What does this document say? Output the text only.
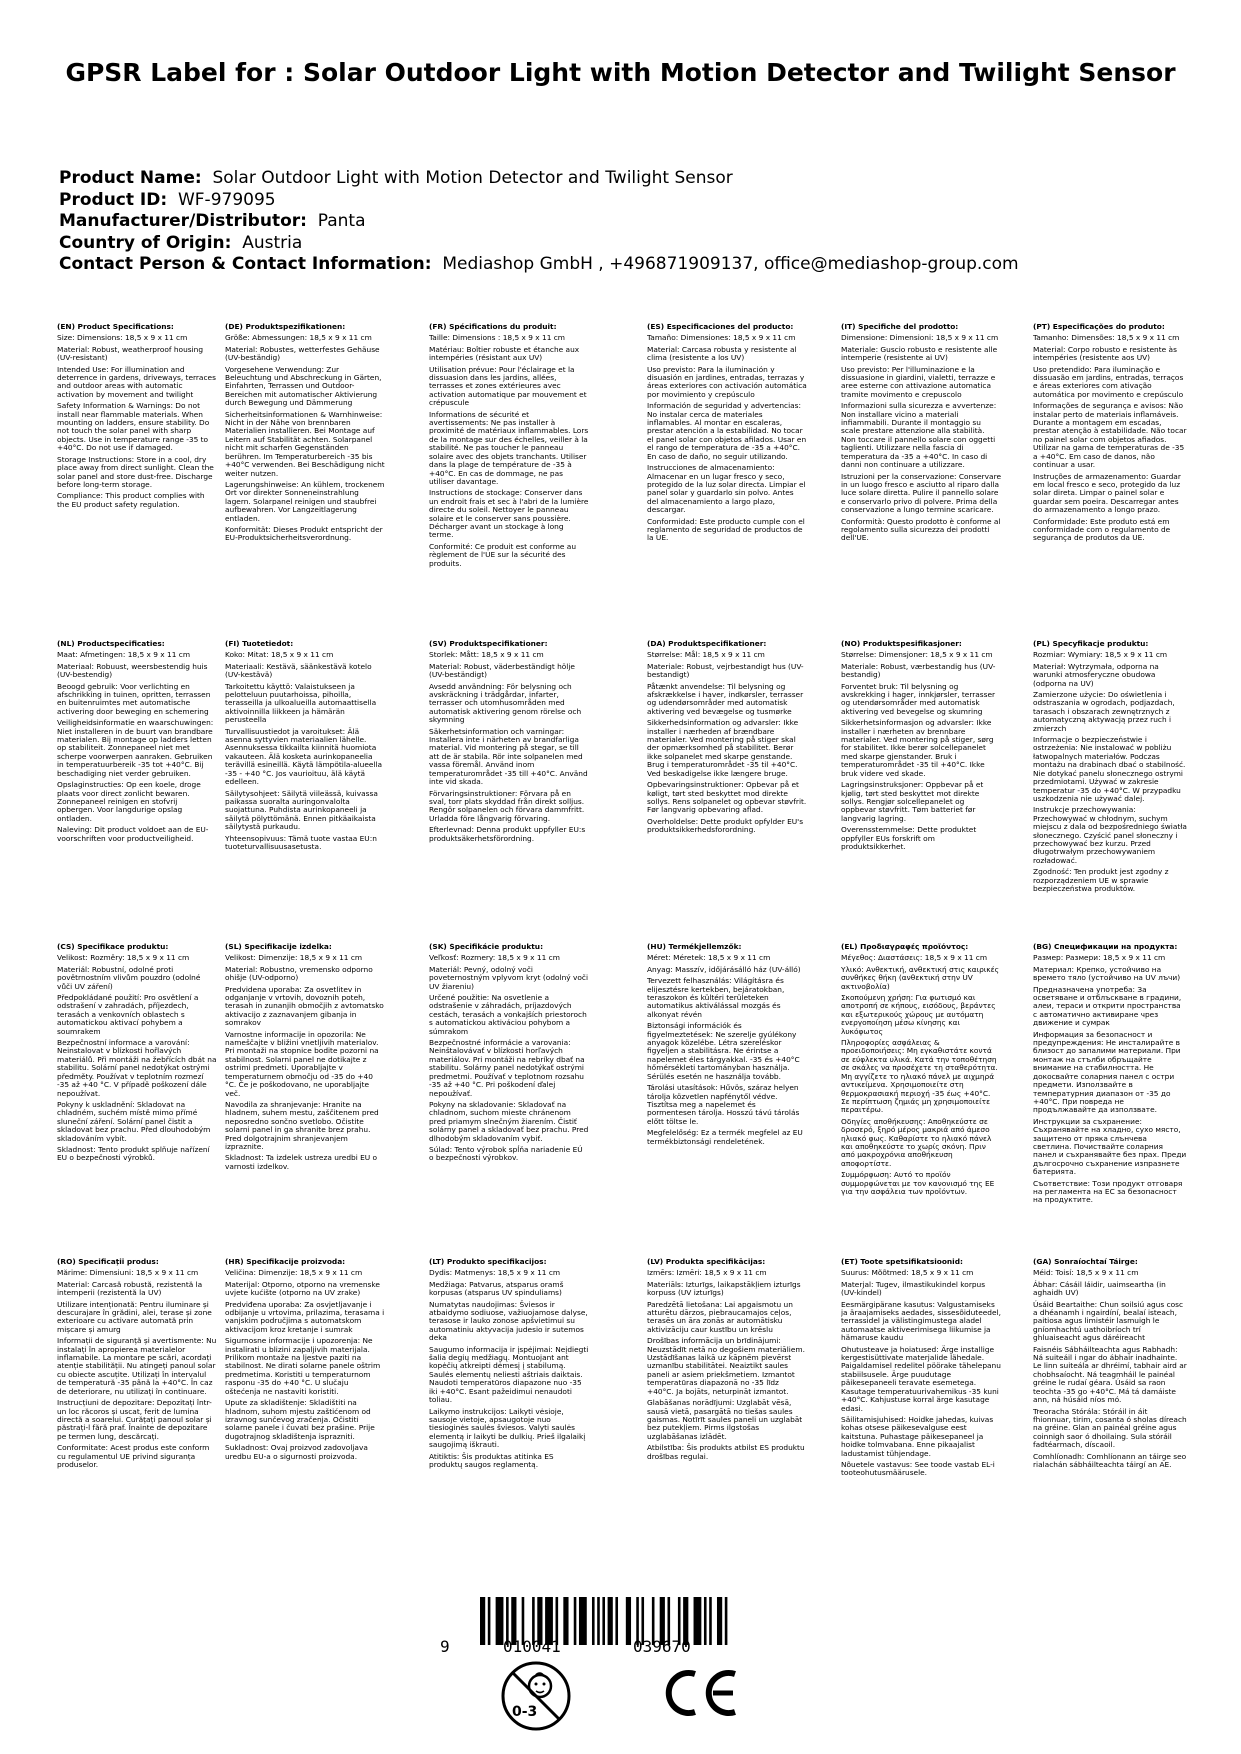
GPSR Label for : Solar Outdoor Light with Motion Detector and Twilight Sensor
Product Name: Solar Outdoor Light with Motion Detector and Twilight Sensor
Product ID: WF-979095
Manufacturer/Distributor: Panta
Country of Origin: Austria
Contact Person & Contact Information: Mediashop GmbH , +496871909137, office@mediashop-group.com

(EN) Product Specifications:

Size: Dimensions: 18,5 x 9 x 11 cm

Material: Robust, weatherproof housing (UV-resistant)

Intended Use: For illumination and deterrence in gardens, driveways, terraces and outdoor areas with automatic activation by movement and twilight

Safety Information & Warnings: Do not install near flammable materials. When mounting on ladders, ensure stability. Do not touch the solar panel with sharp objects. Use in temperature range -35 to +40°C. Do not use if damaged.

Storage Instructions: Store in a cool, dry place away from direct sunlight. Clean the solar panel and store dust-free. Discharge before long-term storage.

Compliance: This product complies with the EU product safety regulation.

(DE) Produktspezifikationen:

Größe: Abmessungen: 18,5 x 9 x 11 cm

Material: Robustes, wetterfestes Gehäuse (UV-beständig)

Vorgesehene Verwendung: Zur Beleuchtung und Abschreckung in Gärten, Einfahrten, Terrassen und Outdoor-Bereichen mit automatischer Aktivierung durch Bewegung und Dämmerung

Sicherheitsinformationen & Warnhinweise: Nicht in der Nähe von brennbaren Materialien installieren. Bei Montage auf Leitern auf Stabilität achten. Solarpanel nicht mit scharfen Gegenständen berühren. Im Temperaturbereich -35 bis +40°C verwenden. Bei Beschädigung nicht weiter nutzen.

Lagerungshinweise: An kühlem, trockenem Ort vor direkter Sonneneinstrahlung lagern. Solarpanel reinigen und staubfrei aufbewahren. Vor Langzeitlagerung entladen.

Konformität: Dieses Produkt entspricht der EU-Produktsicherheitsverordnung.

(FR) Spécifications du produit:

Taille: Dimensions : 18,5 x 9 x 11 cm

Matériau: Boîtier robuste et étanche aux intempéries (résistant aux UV)

Utilisation prévue: Pour l'éclairage et la dissuasion dans les jardins, allées, terrasses et zones extérieures avec activation automatique par mouvement et crépuscule

Informations de sécurité et avertissements: Ne pas installer à proximité de matériaux inflammables. Lors de la montage sur des échelles, veiller à la stabilité. Ne pas toucher le panneau solaire avec des objets tranchants. Utiliser dans la plage de température de -35 à +40°C. En cas de dommage, ne pas utiliser davantage.

Instructions de stockage: Conserver dans un endroit frais et sec à l'abri de la lumière directe du soleil. Nettoyer le panneau solaire et le conserver sans poussière. Décharger avant un stockage à long terme.

Conformité: Ce produit est conforme au règlement de l'UE sur la sécurité des produits.

(ES) Especificaciones del producto:

Tamaño: Dimensiones: 18,5 x 9 x 11 cm

Material: Carcasa robusta y resistente al clima (resistente a los UV)

Uso previsto: Para la iluminación y disuasión en jardines, entradas, terrazas y áreas exteriores con activación automática por movimiento y crepúsculo

Información de seguridad y advertencias: No instalar cerca de materiales inflamables. Al montar en escaleras, prestar atención a la estabilidad. No tocar el panel solar con objetos afilados. Usar en el rango de temperatura de -35 a +40°C. En caso de daño, no seguir utilizando.

Instrucciones de almacenamiento: Almacenar en un lugar fresco y seco, protegido de la luz solar directa. Limpiar el panel solar y guardarlo sin polvo. Antes del almacenamiento a largo plazo, descargar.

Conformidad: Este producto cumple con el reglamento de seguridad de productos de la UE.

(IT) Specifiche del prodotto:

Dimensione: Dimensioni: 18,5 x 9 x 11 cm

Materiale: Guscio robusto e resistente alle intemperie (resistente ai UV)

Uso previsto: Per l'illuminazione e la dissuasione in giardini, vialetti, terrazze e aree esterne con attivazione automatica tramite movimento e crepuscolo

Informazioni sulla sicurezza e avvertenze: Non installare vicino a materiali infiammabili. Durante il montaggio su scale prestare attenzione alla stabilità. Non toccare il pannello solare con oggetti taglienti. Utilizzare nella fascia di temperatura da -35 a +40°C. In caso di danni non continuare a utilizzare.

Istruzioni per la conservazione: Conservare in un luogo fresco e asciutto al riparo dalla luce solare diretta. Pulire il pannello solare e conservarlo privo di polvere. Prima della conservazione a lungo termine scaricare.

Conformità: Questo prodotto è conforme al regolamento sulla sicurezza dei prodotti dell'UE.

(PT) Especificações do produto:

Tamanho: Dimensões: 18,5 x 9 x 11 cm

Material: Corpo robusto e resistente às intempéries (resistente aos UV)

Uso pretendido: Para iluminação e dissuasão em jardins, entradas, terraços e áreas exteriores com ativação automática por movimento e crepúsculo

Informações de segurança e avisos: Não instalar perto de materiais inflamáveis. Durante a montagem em escadas, prestar atenção à estabilidade. Não tocar no painel solar com objetos afiados. Utilizar na gama de temperaturas de -35 a +40°C. Em caso de danos, não continuar a usar.

Instruções de armazenamento: Guardar em local fresco e seco, protegido da luz solar direta. Limpar o painel solar e guardar sem poeira. Descarregar antes do armazenamento a longo prazo.

Conformidade: Este produto está em conformidade com o regulamento de segurança de produtos da UE.

(NL) Productspecificaties:

Maat: Afmetingen: 18,5 x 9 x 11 cm

Materiaal: Robuust, weersbestendig huis (UV-bestendig)

Beoogd gebruik: Voor verlichting en afschrikking in tuinen, opritten, terrassen en buitenruimtes met automatische activering door beweging en schemering

Veiligheidsinformatie en waarschuwingen: Niet installeren in de buurt van brandbare materialen. Bij montage op ladders letten op stabiliteit. Zonnepaneel niet met scherpe voorwerpen aanraken. Gebruiken in temperatuurbereik -35 tot +40°C. Bij beschadiging niet verder gebruiken.

Opslaginstructies: Op een koele, droge plaats voor direct zonlicht bewaren. Zonnepaneel reinigen en stofvrij opbergen. Voor langdurige opslag ontladen.

Naleving: Dit product voldoet aan de EU-voorschriften voor productveiligheid.

(FI) Tuotetiedot:

Koko: Mitat: 18,5 x 9 x 11 cm

Materiaali: Kestävä, säänkestävä kotelo (UV-kestävä)

Tarkoitettu käyttö: Valaistukseen ja pelotteluun puutarhoissa, pihoilla, terasseilla ja ulkoalueilla automaattisella aktivoinnilla liikkeen ja hämärän perusteella

Turvallisuustiedot ja varoitukset: Älä asenna syttyvien materiaalien lähelle. Asennuksessa tikkailta kiinnitä huomiota vakauteen. Älä kosketa aurinkopaneelia terävillä esineillä. Käytä lämpötila-alueella -35 - +40 °C. Jos vaurioituu, älä käytä edelleen.

Säilytysohjeet: Säilytä viileässä, kuivassa paikassa suoralta auringonvalolta suojattuna. Puhdista aurinkopaneeli ja säilytä pölyttömänä. Ennen pitkäaikaista säilytystä purkaudu.

Yhteensopivuus: Tämä tuote vastaa EU:n tuoteturvallisuusasetusta.

(SV) Produktspecifikationer:

Storlek: Mått: 18,5 x 9 x 11 cm

Material: Robust, väderbeständigt hölje (UV-beständigt)

Avsedd användning: För belysning och avskräckning i trädgårdar, infarter, terrasser och utomhusområden med automatisk aktivering genom rörelse och skymning

Säkerhetsinformation och varningar: Installera inte i närheten av brandfarliga material. Vid montering på stegar, se till att de är stabila. Rör inte solpanelen med vassa föremål. Använd inom temperaturområdet -35 till +40°C. Använd inte vid skada.

Förvaringsinstruktioner: Förvara på en sval, torr plats skyddad från direkt solljus. Rengör solpanelen och förvara dammfritt. Urladda före långvarig förvaring.

Efterlevnad: Denna produkt uppfyller EU:s produktsäkerhetsförordning.

(DA) Produktspecifikationer:

Størrelse: Mål: 18,5 x 9 x 11 cm

Materiale: Robust, vejrbestandigt hus (UV-bestandigt)

Påtænkt anvendelse: Til belysning og afskrækkelse i haver, indkørsler, terrasser og udendørsområder med automatisk aktivering ved bevægelse og tusmørke

Sikkerhedsinformation og advarsler: Ikke installer i nærheden af brændbare materialer. Ved montering på stiger skal der opmærksomhed på stabilitet. Berør ikke solpanelet med skarpe genstande. Brug i temperaturområdet -35 til +40°C. Ved beskadigelse ikke længere bruge.

Opbevaringsinstruktioner: Opbevar på et køligt, tørt sted beskyttet mod direkte sollys. Rens solpanelet og opbevar støvfrit. Før langvarig opbevaring aflad.

Overholdelse: Dette produkt opfylder EU's produktsikkerhedsforordning.

(NO) Produktspesifikasjoner:

Størrelse: Dimensjoner: 18,5 x 9 x 11 cm

Materiale: Robust, værbestandig hus (UV-bestandig)

Forventet bruk: Til belysning og avskrekking i hager, innkjørsler, terrasser og utendørsområder med automatisk aktivering ved bevegelse og skumring

Sikkerhetsinformasjon og advarsler: Ikke installer i nærheten av brennbare materialer. Ved montering på stiger, sørg for stabilitet. Ikke berør solcellepanelet med skarpe gjenstander. Bruk i temperaturområdet -35 til +40°C. Ikke bruk videre ved skade.

Lagringsinstruksjoner: Oppbevar på et kjølig, tørt sted beskyttet mot direkte sollys. Rengjør solcellepanelet og oppbevar støvfritt. Tøm batteriet før langvarig lagring.

Overensstemmelse: Dette produktet oppfyller EUs forskrift om produktsikkerhet.

(PL) Specyfikacje produktu:

Rozmiar: Wymiary: 18,5 x 9 x 11 cm

Materiał: Wytrzymała, odporna na warunki atmosferyczne obudowa (odporna na UV)

Zamierzone użycie: Do oświetlenia i odstraszania w ogrodach, podjazdach, tarasach i obszarach zewnętrznych z automatyczną aktywacją przez ruch i zmierzch

Informacje o bezpieczeństwie i ostrzeżenia: Nie instalować w pobliżu łatwopalnych materiałów. Podczas montażu na drabinach dbać o stabilność. Nie dotykać panelu słonecznego ostrymi przedmiotami. Używać w zakresie temperatur -35 do +40°C. W przypadku uszkodzenia nie używać dalej.

Instrukcje przechowywania: Przechowywać w chłodnym, suchym miejscu z dala od bezpośredniego światła słonecznego. Czyścić panel słoneczny i przechowywać bez kurzu. Przed długotrwałym przechowywaniem rozładować.

Zgodność: Ten produkt jest zgodny z rozporządzeniem UE w sprawie bezpieczeństwa produktów.

(CS) Specifikace produktu:

Velikost: Rozměry: 18,5 x 9 x 11 cm

Materiál: Robustní, odolné proti povětrnostním vlivům pouzdro (odolné vůči UV záření)

Předpokládané použití: Pro osvětlení a odstrašení v zahradách, příjezdech, terasách a venkovních oblastech s automatickou aktivací pohybem a soumrakem

Bezpečnostní informace a varování: Neinstalovat v blízkosti hořlavých materiálů. Při montáži na žebřících dbát na stabilitu. Solární panel nedotýkat ostrými předměty. Používat v teplotním rozmezí -35 až +40 °C. V případě poškození dále nepoužívat.

Pokyny k uskladnění: Skladovat na chladném, suchém místě mimo přímé sluneční záření. Solární panel čistit a skladovat bez prachu. Před dlouhodobým skladováním vybít.

Skladnost: Tento produkt splňuje nařízení EU o bezpečnosti výrobků.

(SL) Specifikacije izdelka:

Velikost: Dimenzije: 18,5 x 9 x 11 cm

Material: Robustno, vremensko odporno ohišje (UV-odporno)

Predvidena uporaba: Za osvetlitev in odganjanje v vrtovih, dovoznih poteh, terasah in zunanjih območjih z avtomatsko aktivacijo z zaznavanjem gibanja in somrakov

Varnostne informacije in opozorila: Ne nameščajte v bližini vnetljivih materialov. Pri montaži na stopnice bodite pozorni na stabilnost. Solarni panel ne dotikajte z ostrimi predmeti. Uporabljajte v temperaturnem območju od -35 do +40 °C. Če je poškodovano, ne uporabljajte več.

Navodila za shranjevanje: Hranite na hladnem, suhem mestu, zaščitenem pred neposredno sončno svetlobo. Očistite solarni panel in ga shranite brez prahu. Pred dolgotrajnim shranjevanjem izpraznite.

Skladnost: Ta izdelek ustreza uredbi EU o varnosti izdelkov.

(SK) Špecifikácie produktu:

Veľkosť: Rozmery: 18,5 x 9 x 11 cm

Materiál: Pevný, odolný voči poveternostným vplyvom kryt (odolný voči UV žiareniu)

Určené použitie: Na osvetlenie a odstrašenie v záhradách, príjazdových cestách, terasách a vonkajších priestoroch s automatickou aktiváciou pohybom a súmrakom

Bezpečnostné informácie a varovania: Neinštalovávať v blízkosti horľavých materiálov. Pri montáži na rebríky dbať na stabilitu. Solárny panel nedotýkať ostrými predmetmi. Používať v teplotnom rozsahu -35 až +40 °C. Pri poškodení ďalej nepoužívať.

Pokyny na skladovanie: Skladovať na chladnom, suchom mieste chránenom pred priamym slnečným žiarením. Čistiť solárny panel a skladovať bez prachu. Pred dlhodobým skladovaním vybiť.

Súlad: Tento výrobok spĺňa nariadenie EÚ o bezpečnosti výrobkov.

(HU) Termékjellemzők:

Méret: Méretek: 18,5 x 9 x 11 cm

Anyag: Masszív, időjárásálló ház (UV-álló)

Tervezett felhasználás: Világításra és elijesztésre kertekben, bejáratokban, teraszokon és kültéri területeken automatikus aktiválással mozgás és alkonyat révén

Biztonsági információk és figyelmeztetések: Ne szerelje gyúlékony anyagok közelébe. Létra szereléskor figyeljen a stabilitásra. Ne érintse a napelemet éles tárgyakkal. -35 és +40°C hőmérsékleti tartományban használja. Sérülés esetén ne használja tovább.

Tárolási utasítások: Hűvös, száraz helyen tárolja közvetlen napfénytől védve. Tisztítsa meg a napelemet és pormentesen tárolja. Hosszú távú tárolás előtt töltse le.

Megfelelőség: Ez a termék megfelel az EU termékbiztonsági rendeletének.

(EL) Προδιαγραφές προϊόντος:

Μέγεθος: Διαστάσεις: 18,5 x 9 x 11 cm

Υλικό: Ανθεκτική, ανθεκτική στις καιρικές συνθήκες θήκη (ανθεκτική στην UV ακτινοβολία)

Σκοπούμενη χρήση: Για φωτισμό και αποτροπή σε κήπους, εισόδους, βεράντες και εξωτερικούς χώρους με αυτόματη ενεργοποίηση μέσω κίνησης και λυκόφωτος

Πληροφορίες ασφάλειας & προειδοποιήσεις: Μη εγκαθιστάτε κοντά σε εύφλεκτα υλικά. Κατά την τοποθέτηση σε σκάλες να προσέχετε τη σταθερότητα. Μη αγγίζετε το ηλιακό πάνελ με αιχμηρά αντικείμενα. Χρησιμοποιείτε στη θερμοκρασιακή περιοχή -35 έως +40°C. Σε περίπτωση ζημιάς μη χρησιμοποιείτε περαιτέρω.

Οδηγίες αποθήκευσης: Αποθηκεύστε σε δροσερό, ξηρό μέρος μακριά από άμεσο ηλιακό φως. Καθαρίστε το ηλιακό πάνελ και αποθηκεύστε το χωρίς σκόνη. Πριν από μακροχρόνια αποθήκευση αποφορτίστε.

Συμμόρφωση: Αυτό το προϊόν συμμορφώνεται με τον κανονισμό της ΕΕ για την ασφάλεια των προϊόντων.

(BG) Спецификации на продукта:

Размер: Размери: 18,5 x 9 x 11 cm

Материал: Крепко, устойчиво на времето тяло (устойчиво на UV лъчи)

Предназначена употреба: За осветяване и отблъскване в градини, алеи, тераси и открити пространства с автоматично активиране чрез движение и сумрак

Информация за безопасност и предупреждения: Не инсталирайте в близост до запалими материали. При монтаж на стълби обръщайте внимание на стабилността. Не докосвайте соларния панел с остри предмети. Използвайте в температурния диапазон от -35 до +40°C. При повреда не продължавайте да използвате.

Инструкции за съхранение: Съхранявайте на хладно, сухо място, защитено от пряка слънчева светлина. Почиствайте соларния панел и съхранявайте без прах. Преди дългосрочно съхранение изпразнете батерията.

Съответствие: Този продукт отговаря на регламента на ЕС за безопасност на продуктите.

(RO) Specificații produs:

Mărime: Dimensiuni: 18,5 x 9 x 11 cm

Material: Carcasă robustă, rezistentă la intemperii (rezistentă la UV)

Utilizare intenționată: Pentru iluminare și descurajare în grădini, alei, terase și zone exterioare cu activare automată prin mișcare și amurg

Informații de siguranță și avertismente: Nu instalați în apropierea materialelor inflamabile. La montare pe scări, acordați atenție stabilității. Nu atingeți panoul solar cu obiecte ascuțite. Utilizați în intervalul de temperatură -35 până la +40°C. În caz de deteriorare, nu utilizați în continuare.

Instrucțiuni de depozitare: Depozitați într-un loc răcoros și uscat, ferit de lumina directă a soarelui. Curățați panoul solar și păstrați-l fără praf. Înainte de depozitare pe termen lung, descărcați.

Conformitate: Acest produs este conform cu regulamentul UE privind siguranța produselor.

(HR) Specifikacije proizvoda:

Veličina: Dimenzije: 18,5 x 9 x 11 cm

Materijal: Otporno, otporno na vremenske uvjete kućište (otporno na UV zrake)

Predviđena uporaba: Za osvjetljavanje i odbijanje u vrtovima, prilazima, terasama i vanjskim područjima s automatskom aktivacijom kroz kretanje i sumrak

Sigurnosne informacije i upozorenja: Ne instalirati u blizini zapaljivih materijala. Prilikom montaže na ljestve paziti na stabilnost. Ne dirati solarne panele oštrim predmetima. Koristiti u temperaturnom rasponu -35 do +40 °C. U slučaju oštećenja ne nastaviti koristiti.

Upute za skladištenje: Skladištiti na hladnom, suhom mjestu zaštićenom od izravnog sunčevog zračenja. Očistiti solarne panele i čuvati bez prašine. Prije dugotrajnog skladištenja isprazniti.

Sukladnost: Ovaj proizvod zadovoljava uredbu EU-a o sigurnosti proizvoda.

(LT) Produkto specifikacijos:

Dydis: Matmenys: 18,5 x 9 x 11 cm

Medžiaga: Patvarus, atsparus oramš korpusas (atsparus UV spinduliams)

Numatytas naudojimas: Šviesos ir atbaidymo sodiuose, važiuojamose dalyse, terasose ir lauko zonose apšvietimui su automatiniu aktyvacija judesio ir sutemos deka

Saugumo informacija ir įspėjimai: Neįdiegti šalia degių medžiagų. Montuojant ant kopėčių atkreipti dėmesį į stabilumą. Saulės elementų neliesti aštriais daiktais. Naudoti temperatūros diapazone nuo -35 iki +40°C. Esant pažeidimui nenaudoti toliau.

Laikymo instrukcijos: Laikyti vėsioje, sausoje vietoje, apsaugotoje nuo tiesioginės saulės šviesos. Valyti saulės elementą ir laikyti be dulkių. Prieš ilgalaikį saugojimą iškrauti.

Atitiktis: Šis produktas atitinka ES produktų saugos reglamentą.

(LV) Produkta specifikācijas:

Izmērs: Izmēri: 18,5 x 9 x 11 cm

Materiāls: Izturīgs, laikapstākļiem izturīgs korpuss (UV izturīgs)

Paredzētā lietošana: Lai apgaismotu un atturētu dārzos, piebraucamajos ceļos, terasēs un āra zonās ar automātisku aktivizāciju caur kustību un krēslu

Drošības informācija un brīdinājumi: Neuzstādīt netā no degošiem materiāliem. Uzstādīšanas laikā uz kāpnēm pievērst uzmanību stabilitātei. Neaiztikt saules paneli ar asiem priekšmetiem. Izmantot temperatūras diapazonā no -35 līdz +40°C. Ja bojāts, neturpināt izmantot.

Glabāšanas norādījumi: Uzglabāt vēsā, sausā vietā, pasargātā no tiešas saules gaismas. Notīrīt saules paneli un uzglabāt bez putekļiem. Pirms ilgstošas uzglabāšanas izlādēt.

Atbilstība: Šis produkts atbilst ES produktu drošības regulai.

(ET) Toote spetsifikatsioonid:

Suurus: Mõõtmed: 18,5 x 9 x 11 cm

Materjal: Tugev, ilmastikukindel korpus (UV-kindel)

Eesmärgipärane kasutus: Valgustamiseks ja äraajamiseks aedades, sissesõiduteedel, terrassidel ja välistingimustega aladel automaatse aktiveerimisega liikumise ja hämaruse kaudu

Ohutusteave ja hoiatused: Ärge installige kergestisüttivate materjalide lähedale. Paigaldamisel redelitel pöörake tähelepanu stabiilsusele. Ärge puudutage päikesepaneeli teravate esemetega. Kasutage temperatuurivahemikus -35 kuni +40°C. Kahjustuse korral ärge kasutage edasi.

Säilitamisjuhised: Hoidke jahedas, kuivas kohas otsese päikesevalguse eest kaitstuna. Puhastage päikesepaneel ja hoidke tolmvabana. Enne pikaajalist ladustamist tühjendage.

Nõuetele vastavus: See toode vastab EL-i tooteohutusmäärusele.

(GA) Sonraíochtaí Táirge:

Méid: Toisí: 18,5 x 9 x 11 cm

Ábhar: Cásáil láidir, uaimseartha (in aghaidh UV)

Úsáid Beartaithe: Chun soilsiú agus cosc a dhéanamh i ngairdíní, bealaí isteach, paitiosa agus limistéir lasmuigh le gníomhachtú uathoibríoch trí ghluaiseacht agus dáréireacht

Faisnéis Sábháilteachta agus Rabhadh: Ná suiteáil i ngar do ábhair inadhainte. Le linn suiteála ar dhréimí, tabhair aird ar chobhsaíocht. Ná teagmháil le painéal gréine le rudaí géara. Úsáid sa raon teochta -35 go +40°C. Má tá damáiste ann, ná húsáid níos mó.

Treoracha Stórála: Stóráil in áit fhionnuar, tirim, cosanta ó sholas díreach na gréine. Glan an painéal gréine agus coinnigh saor ó dhoilaing. Sula stóráil fadtéarmach, díscaoil.

Comhlíonadh: Comhlíonann an táirge seo rialachán sábháilteachta táirgí an AE.

9	010041	039670
0-3
